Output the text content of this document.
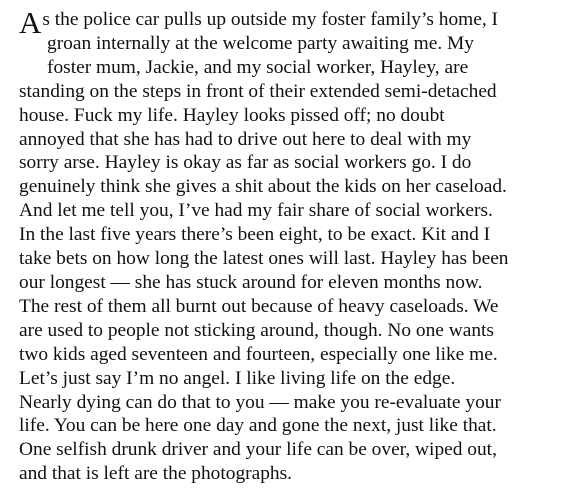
A s the police car pulls up outside my foster family’s home, I
groan internally at the welcome party awaiting me. My
foster mum, Jackie, and my social worker, Hayley, are
standing on the steps in front of their extended semi-detached
house. Fuck my life. Hayley looks pissed off; no doubt
annoyed that she has had to drive out here to deal with my
sorry arse. Hayley is okay as far as social workers go. I do
genuinely think she gives a shit about the kids on her caseload.
And let me tell you, I’ve had my fair share of social workers.
In the last five years there’s been eight, to be exact. Kit and I
take bets on how long the latest ones will last. Hayley has been
our longest — she has stuck around for eleven months now.
The rest of them all burnt out because of heavy caseloads. We
are used to people not sticking around, though. No one wants
two kids aged seventeen and fourteen, especially one like me.
Let’s just say I’m no angel. I like living life on the edge.
Nearly dying can do that to you — make you re-evaluate your
life. You can be here one day and gone the next, just like that.
One selfish drunk driver and your life can be over, wiped out,
and that is left are the photographs.
